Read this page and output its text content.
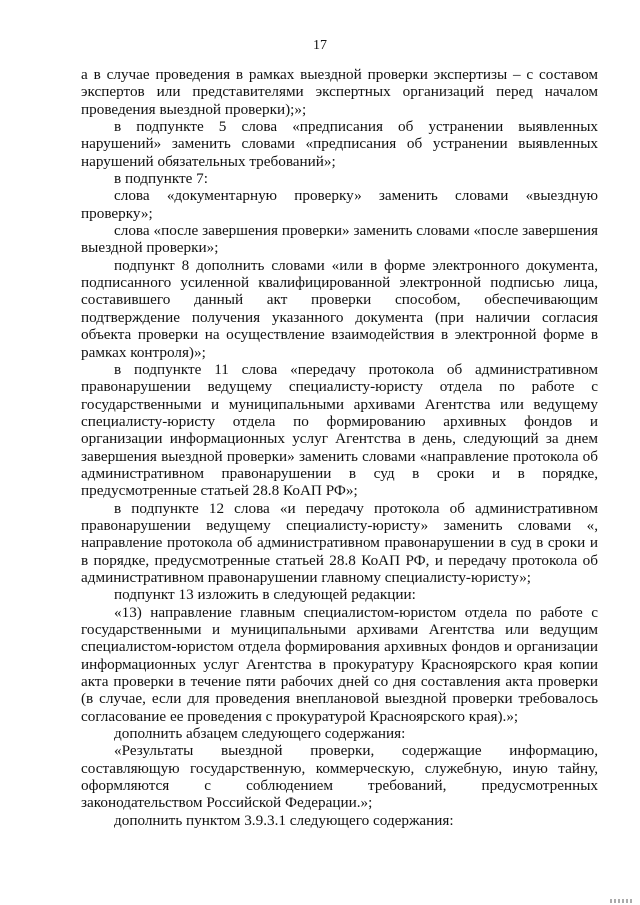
17

а в случае проведения в рамках выездной проверки экспертизы – с составом экспертов или представителями экспертных организаций перед началом проведения выездной проверки);»;

в подпункте 5 слова «предписания об устранении выявленных нарушений» заменить словами «предписания об устранении выявленных нарушений обязательных требований»;

в подпункте 7:

слова «документарную проверку» заменить словами «выездную проверку»;

слова «после завершения проверки» заменить словами «после завершения выездной проверки»;

подпункт 8 дополнить словами «или в форме электронного документа, подписанного усиленной квалифицированной электронной подписью лица, составившего данный акт проверки способом, обеспечивающим подтверждение получения указанного документа (при наличии согласия объекта проверки на осуществление взаимодействия в электронной форме в рамках контроля)»;

в подпункте 11 слова «передачу протокола об административном правонарушении ведущему специалисту-юристу отдела по работе с государственными и муниципальными архивами Агентства или ведущему специалисту-юристу отдела по формированию архивных фондов и организации информационных услуг Агентства в день, следующий за днем завершения выездной проверки» заменить словами «направление протокола об административном правонарушении в суд в сроки и в порядке, предусмотренные статьей 28.8 КоАП РФ»;

в подпункте 12 слова «и передачу протокола об административном правонарушении ведущему специалисту-юристу» заменить словами «, направление протокола об административном правонарушении в суд в сроки и в порядке, предусмотренные статьей 28.8 КоАП РФ, и передачу протокола об административном правонарушении главному специалисту-юристу»;

подпункт 13 изложить в следующей редакции:

«13) направление главным специалистом-юристом отдела по работе с государственными и муниципальными архивами Агентства или ведущим специалистом-юристом отдела формирования архивных фондов и организации информационных услуг Агентства в прокуратуру Красноярского края копии акта проверки в течение пяти рабочих дней со дня составления акта проверки (в случае, если для проведения внеплановой выездной проверки требовалось согласование ее проведения с прокуратурой Красноярского края).»;

дополнить абзацем следующего содержания:

«Результаты выездной проверки, содержащие информацию, составляющую государственную, коммерческую, служебную, иную тайну, оформляются с соблюдением требований, предусмотренных законодательством Российской Федерации.»;

дополнить пунктом 3.9.3.1 следующего содержания:
